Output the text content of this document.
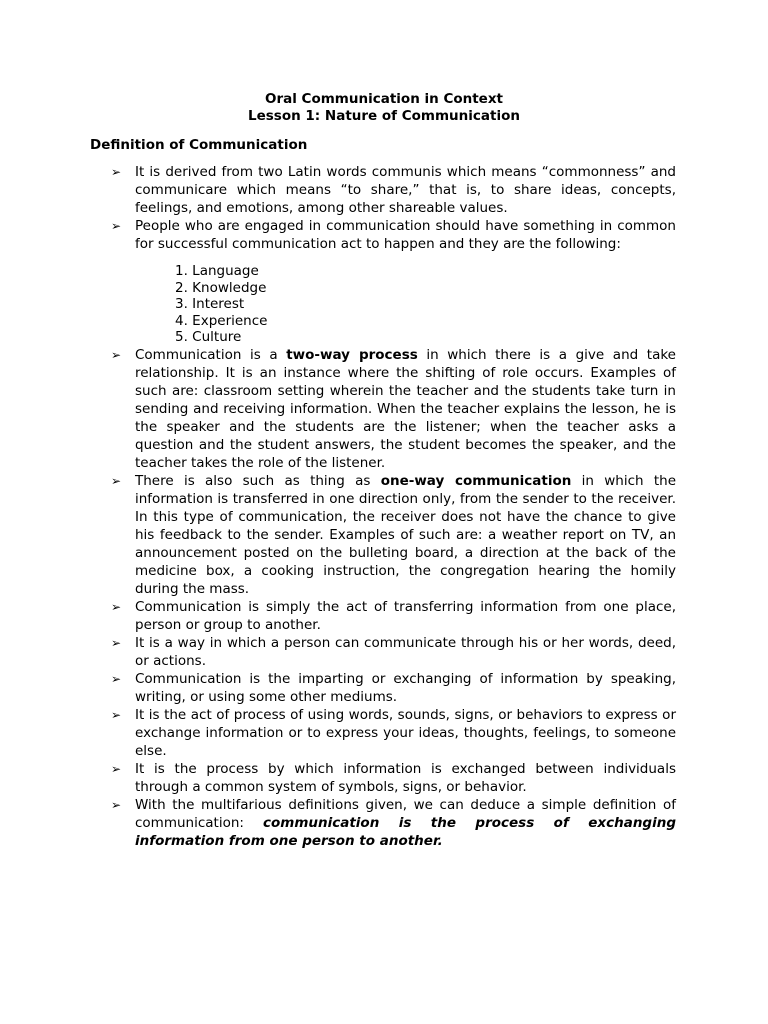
Oral Communication in Context

Lesson 1: Nature of Communication

Definition of Communication

➢ It is derived from two Latin words communis which means “commonness” and communicare which means “to share,” that is, to share ideas, concepts, feelings, and emotions, among other shareable values.
➢ People who are engaged in communication should have something in common for successful communication act to happen and they are the following:
1. Language
2. Knowledge
3. Interest
4. Experience
5. Culture
➢ Communication is a two-way process in which there is a give and take relationship. It is an instance where the shifting of role occurs. Examples of such are: classroom setting wherein the teacher and the students take turn in sending and receiving information. When the teacher explains the lesson, he is the speaker and the students are the listener; when the teacher asks a question and the student answers, the student becomes the speaker, and the teacher takes the role of the listener.
➢ There is also such as thing as one-way communication in which the information is transferred in one direction only, from the sender to the receiver. In this type of communication, the receiver does not have the chance to give his feedback to the sender. Examples of such are: a weather report on TV, an announcement posted on the bulleting board, a direction at the back of the medicine box, a cooking instruction, the congregation hearing the homily during the mass.
➢ Communication is simply the act of transferring information from one place, person or group to another.
➢ It is a way in which a person can communicate through his or her words, deed, or actions.
➢ Communication is the imparting or exchanging of information by speaking, writing, or using some other mediums.
➢ It is the act of process of using words, sounds, signs, or behaviors to express or exchange information or to express your ideas, thoughts, feelings, to someone else.
➢ It is the process by which information is exchanged between individuals through a common system of symbols, signs, or behavior.
➢ With the multifarious definitions given, we can deduce a simple definition of communication: communication is the process of exchanging information from one person to another.
